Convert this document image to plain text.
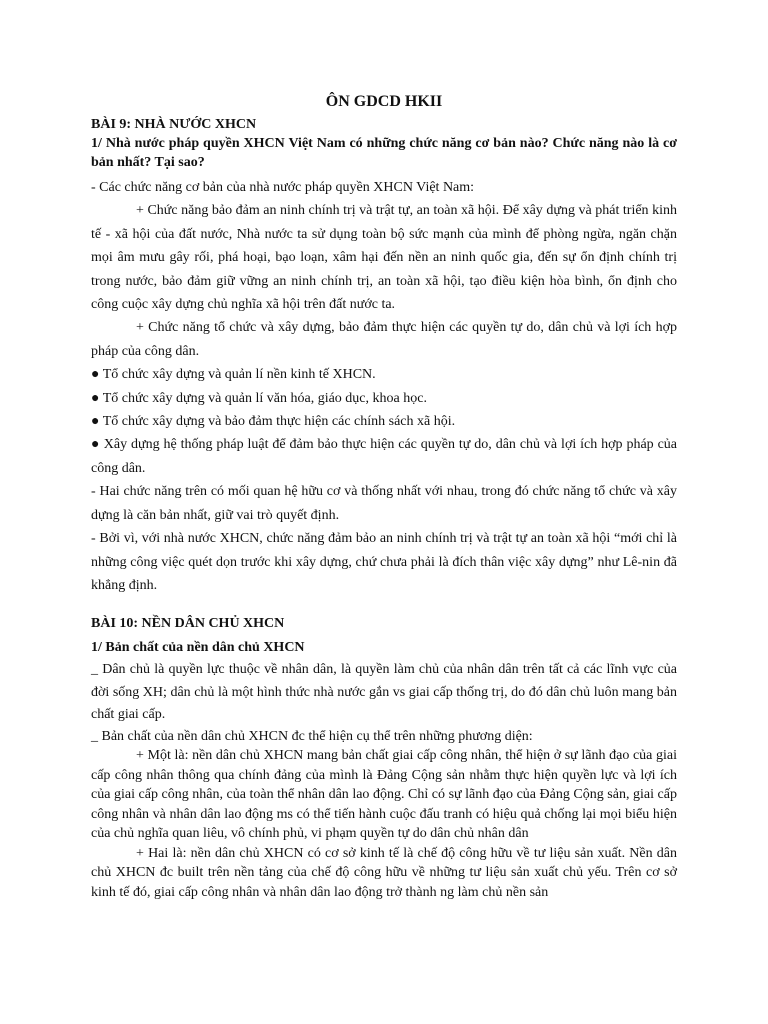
ÔN GDCD HKII
BÀI 9: NHÀ NƯỚC XHCN
1/ Nhà nước pháp quyền XHCN Việt Nam có những chức năng cơ bản nào? Chức năng nào là cơ bản nhất? Tại sao?

- Các chức năng cơ bản của nhà nước pháp quyền XHCN Việt Nam:

+ Chức năng bảo đảm an ninh chính trị và trật tự, an toàn xã hội. Để xây dựng và phát triển kinh tế - xã hội của đất nước, Nhà nước ta sử dụng toàn bộ sức mạnh của mình để phòng ngừa, ngăn chặn mọi âm mưu gây rối, phá hoại, bạo loạn, xâm hại đến nền an ninh quốc gia, đến sự ổn định chính trị trong nước, bảo đảm giữ vững an ninh chính trị, an toàn xã hội, tạo điều kiện hòa bình, ổn định cho công cuộc xây dựng chủ nghĩa xã hội trên đất nước ta.

+ Chức năng tổ chức và xây dựng, bảo đảm thực hiện các quyền tự do, dân chủ và lợi ích hợp pháp của công dân.

● Tổ chức xây dựng và quản lí nền kinh tế XHCN.

● Tổ chức xây dựng và quản lí văn hóa, giáo dục, khoa học.

● Tổ chức xây dựng và bảo đảm thực hiện các chính sách xã hội.

● Xây dựng hệ thống pháp luật để đảm bảo thực hiện các quyền tự do, dân chủ và lợi ích hợp pháp của công dân.

- Hai chức năng trên có mối quan hệ hữu cơ và thống nhất với nhau, trong đó chức năng tổ chức và xây dựng là căn bản nhất, giữ vai trò quyết định.

- Bởi vì, với nhà nước XHCN, chức năng đảm bảo an ninh chính trị và trật tự an toàn xã hội “mới chỉ là những công việc quét dọn trước khi xây dựng, chứ chưa phải là đích thân việc xây dựng” như Lê-nin đã khẳng định.

BÀI 10: NỀN DÂN CHỦ XHCN
1/ Bản chất của nền dân chủ XHCN

_ Dân chủ là quyền lực thuộc về nhân dân, là quyền làm chủ của nhân dân trên tất cả các lĩnh vực của đời sống XH; dân chủ là một hình thức nhà nước gắn vs giai cấp thống trị, do đó dân chủ luôn mang bản chất giai cấp.

_ Bản chất của nền dân chủ XHCN đc thể hiện cụ thể trên những phương diện:

+ Một là: nền dân chủ XHCN mang bản chất giai cấp công nhân, thể hiện ở sự lãnh đạo của giai cấp công nhân thông qua chính đảng của mình là Đảng Cộng sản nhằm thực hiện quyền lực và lợi ích của giai cấp công nhân, của toàn thể nhân dân lao động. Chỉ có sự lãnh đạo của Đảng Cộng sản, giai cấp công nhân và nhân dân lao động ms có thể tiến hành cuộc đấu tranh có hiệu quả chống lại mọi biểu hiện của chủ nghĩa quan liêu, vô chính phủ, vi phạm quyền tự do dân chủ nhân dân

+ Hai là: nền dân chủ XHCN có cơ sở kinh tế là chế độ công hữu về tư liệu sản xuất. Nền dân chủ XHCN đc built trên nền tảng của chế độ công hữu về những tư liệu sản xuất chủ yếu. Trên cơ sở kinh tế đó, giai cấp công nhân và nhân dân lao động trở thành ng làm chủ nền sản
